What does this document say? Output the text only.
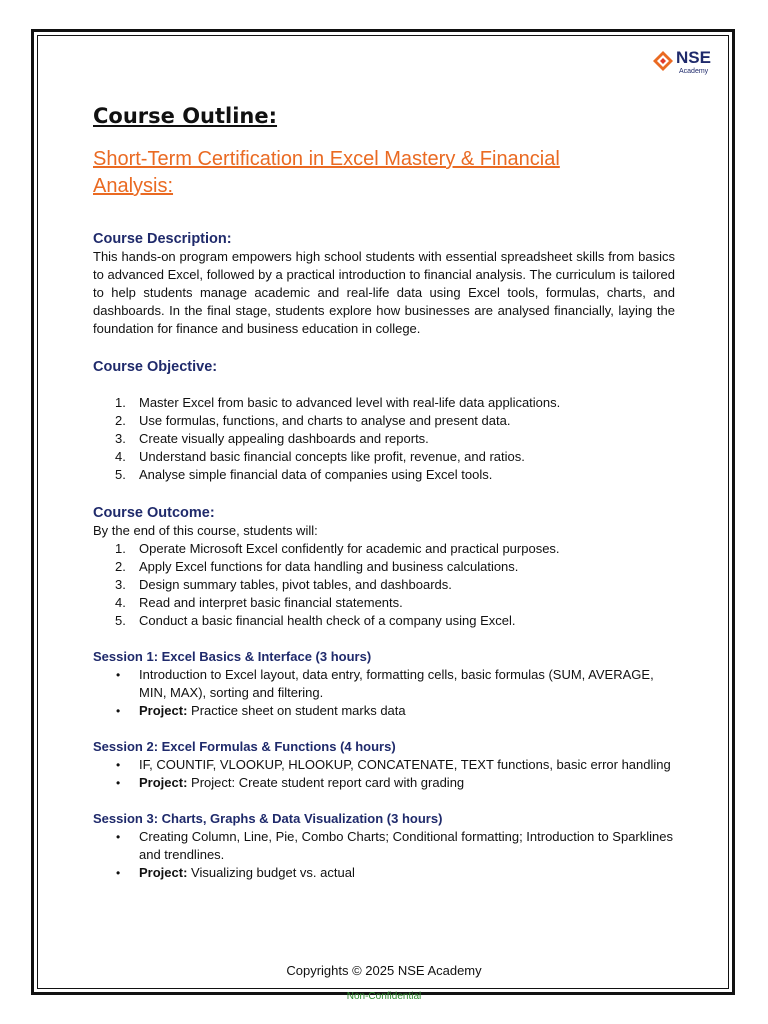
NSE
Academy
Course Outline:
Short-Term Certification in Excel Mastery & Financial Analysis:
Course Description:
This hands-on program empowers high school students with essential spreadsheet skills from basics to advanced Excel, followed by a practical introduction to financial analysis. The curriculum is tailored to help students manage academic and real-life data using Excel tools, formulas, charts, and dashboards. In the final stage, students explore how businesses are analysed financially, laying the foundation for finance and business education in college.
Course Objective:
1. Master Excel from basic to advanced level with real-life data applications.
2. Use formulas, functions, and charts to analyse and present data.
3. Create visually appealing dashboards and reports.
4. Understand basic financial concepts like profit, revenue, and ratios.
5. Analyse simple financial data of companies using Excel tools.
Course Outcome:
By the end of this course, students will:
1. Operate Microsoft Excel confidently for academic and practical purposes.
2. Apply Excel functions for data handling and business calculations.
3. Design summary tables, pivot tables, and dashboards.
4. Read and interpret basic financial statements.
5. Conduct a basic financial health check of a company using Excel.
Session 1: Excel Basics & Interface (3 hours)
• Introduction to Excel layout, data entry, formatting cells, basic formulas (SUM, AVERAGE, MIN, MAX), sorting and filtering.
• Project: Practice sheet on student marks data
Session 2: Excel Formulas & Functions (4 hours)
• IF, COUNTIF, VLOOKUP, HLOOKUP, CONCATENATE, TEXT functions, basic error handling
• Project: Project: Create student report card with grading
Session 3: Charts, Graphs & Data Visualization (3 hours)
• Creating Column, Line, Pie, Combo Charts; Conditional formatting; Introduction to Sparklines and trendlines.
• Project: Visualizing budget vs. actual
Copyrights © 2025 NSE Academy
Non-Confidential
